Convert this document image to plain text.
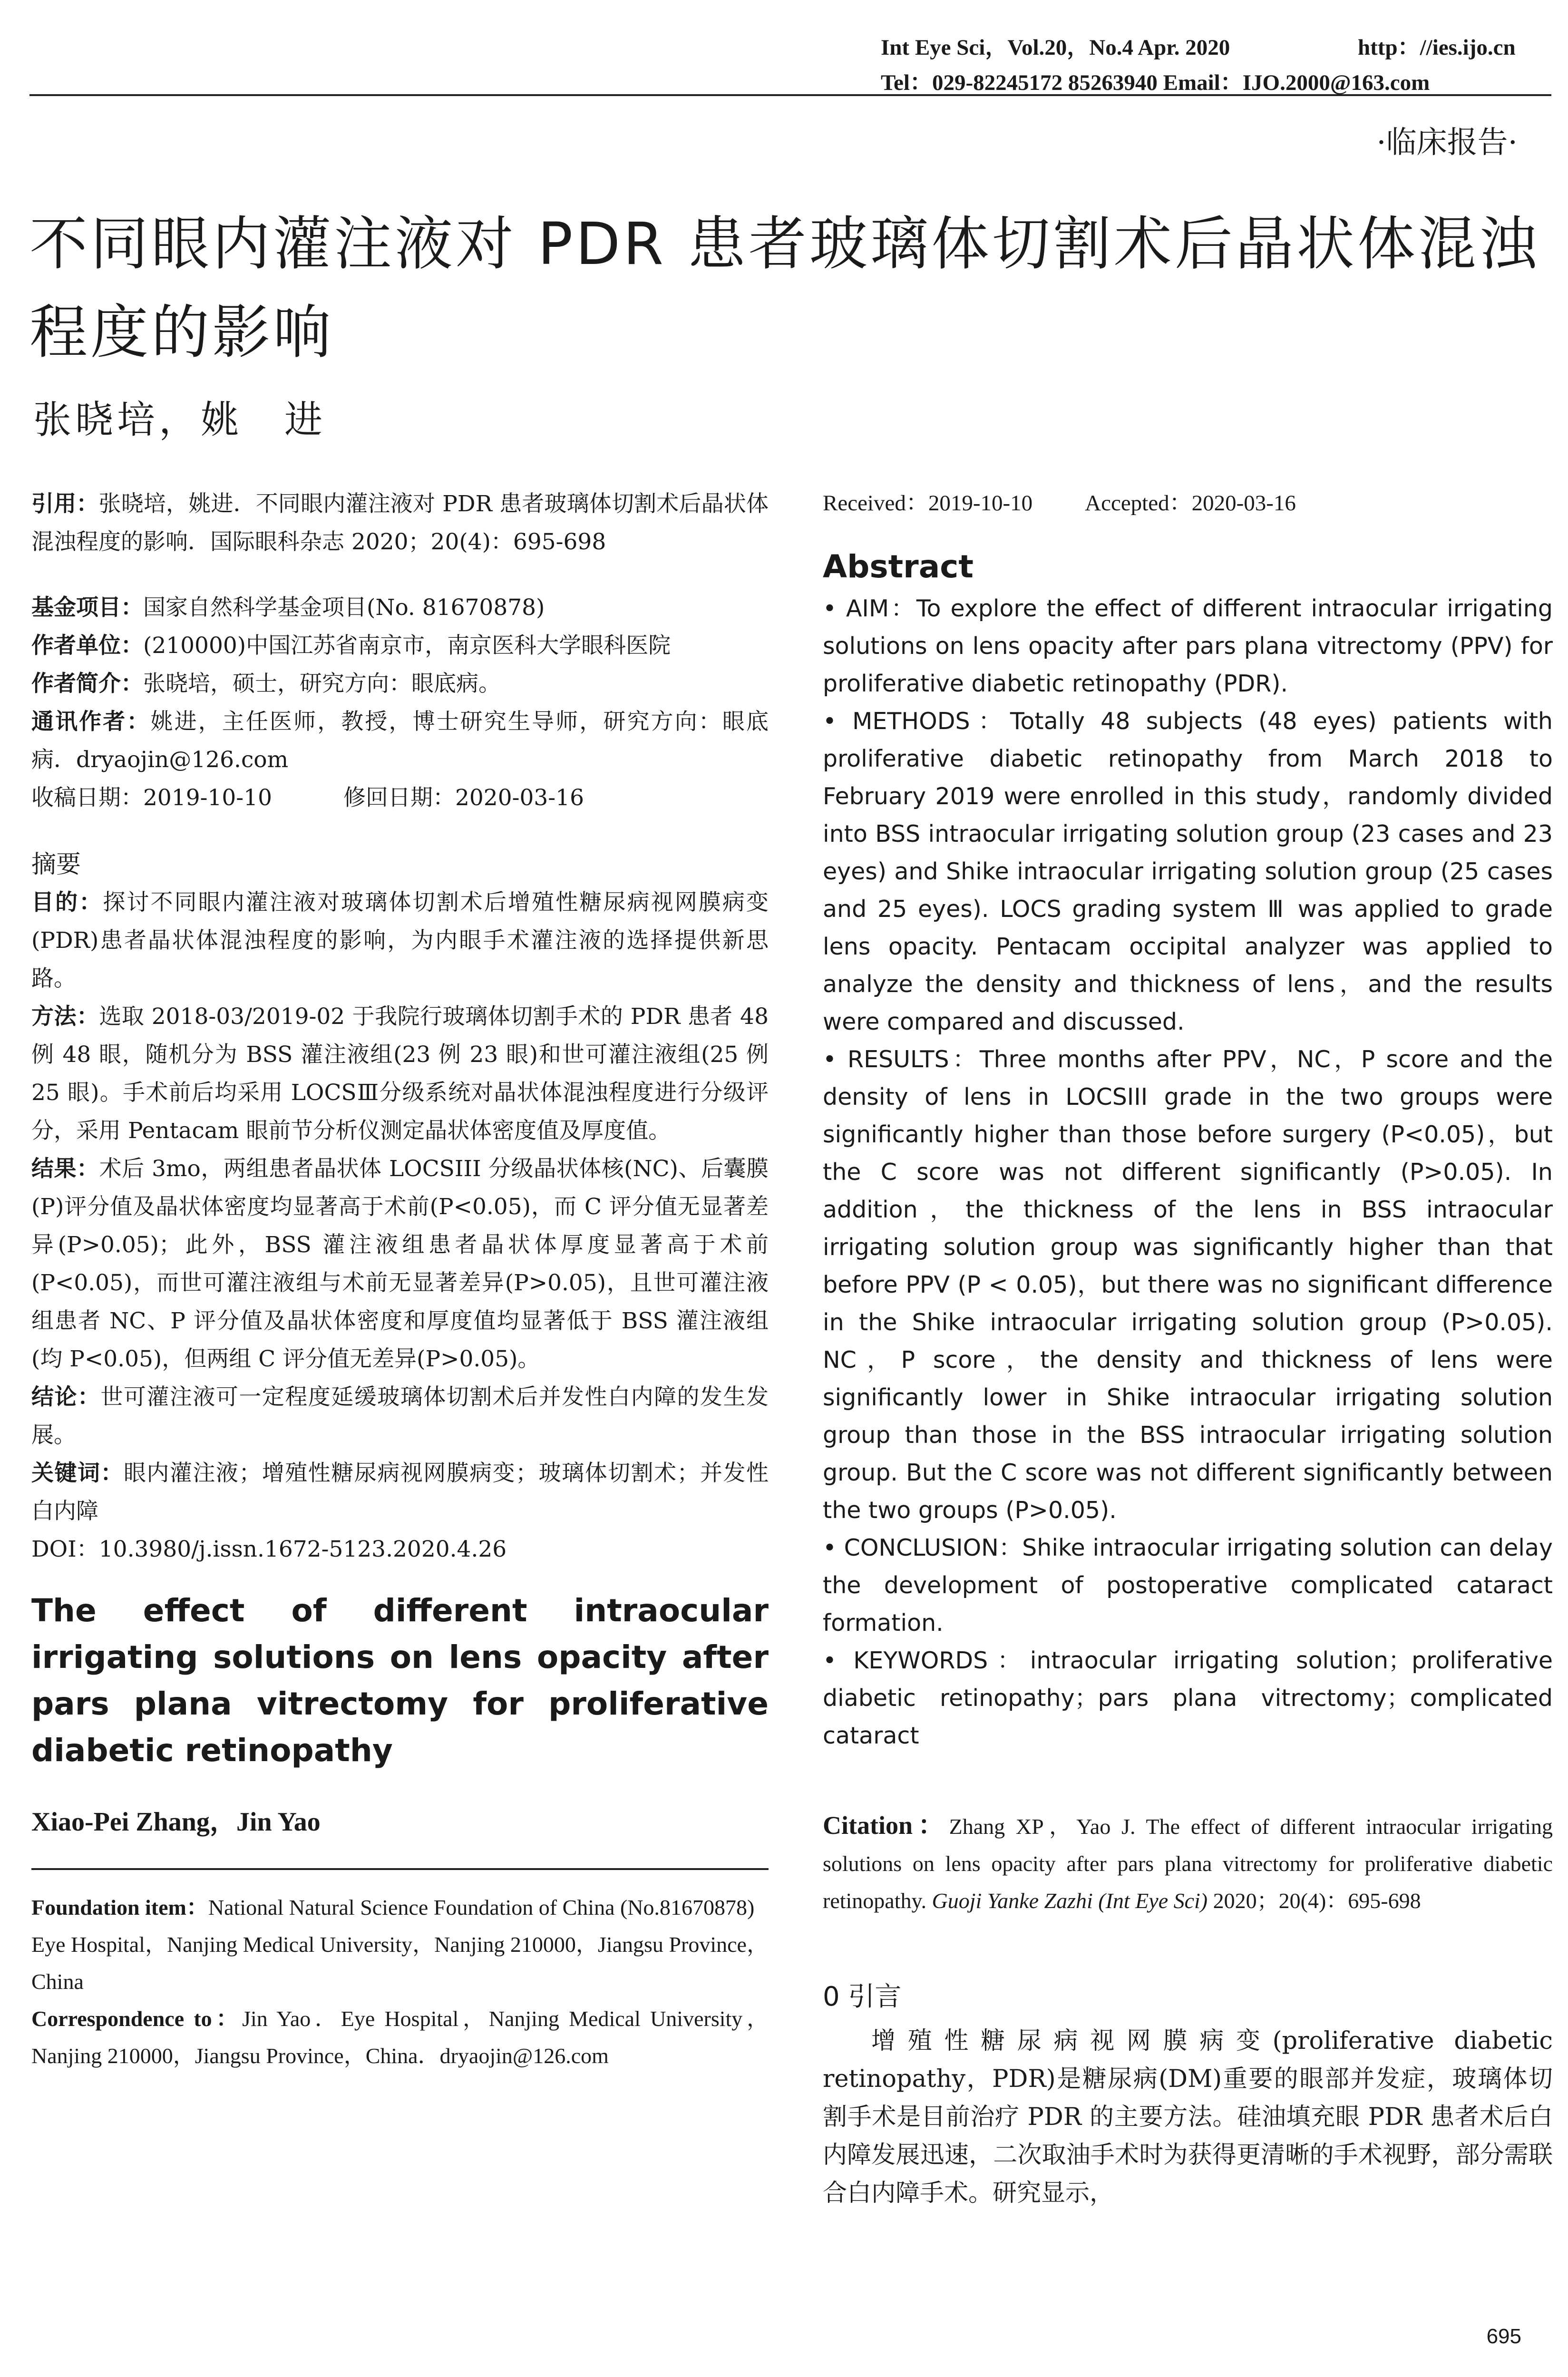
Int Eye Sci，Vol.20，No.4 Apr. 2020	http：//ies.ijo.cn
Tel：029-82245172 85263940 Email：IJO.2000@163.com
·临床报告·
不同眼内灌注液对 PDR 患者玻璃体切割术后晶状体混浊程度的影响
张晓培，姚　进

引用：张晓培，姚进．不同眼内灌注液对 PDR 患者玻璃体切割术后晶状体混浊程度的影响．国际眼科杂志 2020；20(4)：695-698

基金项目：国家自然科学基金项目(No. 81670878)

作者单位：(210000)中国江苏省南京市，南京医科大学眼科医院

作者简介：张晓培，硕士，研究方向：眼底病。

通讯作者：姚进，主任医师，教授，博士研究生导师，研究方向：眼底病．dryaojin@126.com

收稿日期：2019-10-10	修回日期：2020-03-16

摘要

目的：探讨不同眼内灌注液对玻璃体切割术后增殖性糖尿病视网膜病变(PDR)患者晶状体混浊程度的影响，为内眼手术灌注液的选择提供新思路。

方法：选取 2018-03/2019-02 于我院行玻璃体切割手术的 PDR 患者 48 例 48 眼，随机分为 BSS 灌注液组(23 例 23 眼)和世可灌注液组(25 例 25 眼)。手术前后均采用 LOCSⅢ分级系统对晶状体混浊程度进行分级评分，采用 Pentacam 眼前节分析仪测定晶状体密度值及厚度值。

结果：术后 3mo，两组患者晶状体 LOCSIII 分级晶状体核(NC)、后囊膜(P)评分值及晶状体密度均显著高于术前(P<0.05)，而 C 评分值无显著差异(P>0.05)；此外，BSS 灌注液组患者晶状体厚度显著高于术前(P<0.05)，而世可灌注液组与术前无显著差异(P>0.05)，且世可灌注液组患者 NC、P 评分值及晶状体密度和厚度值均显著低于 BSS 灌注液组(均 P<0.05)，但两组 C 评分值无差异(P>0.05)。

结论：世可灌注液可一定程度延缓玻璃体切割术后并发性白内障的发生发展。

关键词：眼内灌注液；增殖性糖尿病视网膜病变；玻璃体切割术；并发性白内障

DOI：10.3980/j.issn.1672-5123.2020.4.26

The effect of different intraocular irrigating solutions on lens opacity after pars plana vitrectomy for proliferative diabetic retinopathy

Xiao-Pei Zhang，Jin Yao

Foundation item：National Natural Science Foundation of China (No.81670878)

Eye Hospital，Nanjing Medical University，Nanjing 210000，Jiangsu Province，China

Correspondence to：Jin Yao．Eye Hospital，Nanjing Medical University，Nanjing 210000，Jiangsu Province，China．dryaojin@126.com

Received：2019-10-10 Accepted：2020-03-16

Abstract

• AIM：To explore the effect of different intraocular irrigating solutions on lens opacity after pars plana vitrectomy (PPV) for proliferative diabetic retinopathy (PDR).

• METHODS：Totally 48 subjects (48 eyes) patients with proliferative diabetic retinopathy from March 2018 to February 2019 were enrolled in this study，randomly divided into BSS intraocular irrigating solution group (23 cases and 23 eyes) and Shike intraocular irrigating solution group (25 cases and 25 eyes). LOCS grading system Ⅲ was applied to grade lens opacity. Pentacam occipital analyzer was applied to analyze the density and thickness of lens，and the results were compared and discussed.

• RESULTS：Three months after PPV，NC，P score and the density of lens in LOCSIII grade in the two groups were significantly higher than those before surgery (P<0.05)，but the C score was not different significantly (P>0.05). In addition，the thickness of the lens in BSS intraocular irrigating solution group was significantly higher than that before PPV (P < 0.05)，but there was no significant difference in the Shike intraocular irrigating solution group (P>0.05). NC，P score，the density and thickness of lens were significantly lower in Shike intraocular irrigating solution group than those in the BSS intraocular irrigating solution group. But the C score was not different significantly between the two groups (P>0.05).

• CONCLUSION：Shike intraocular irrigating solution can delay the development of postoperative complicated cataract formation.

• KEYWORDS：intraocular irrigating solution；proliferative diabetic retinopathy；pars plana vitrectomy；complicated cataract

Citation：Zhang XP，Yao J. The effect of different intraocular irrigating solutions on lens opacity after pars plana vitrectomy for proliferative diabetic retinopathy. Guoji Yanke Zazhi (Int Eye Sci) 2020；20(4)：695-698

0 引言

增殖性糖尿病视网膜病变(proliferative diabetic retinopathy，PDR)是糖尿病(DM)重要的眼部并发症，玻璃体切割手术是目前治疗 PDR 的主要方法。硅油填充眼 PDR 患者术后白内障发展迅速，二次取油手术时为获得更清晰的手术视野，部分需联合白内障手术。研究显示，

695
